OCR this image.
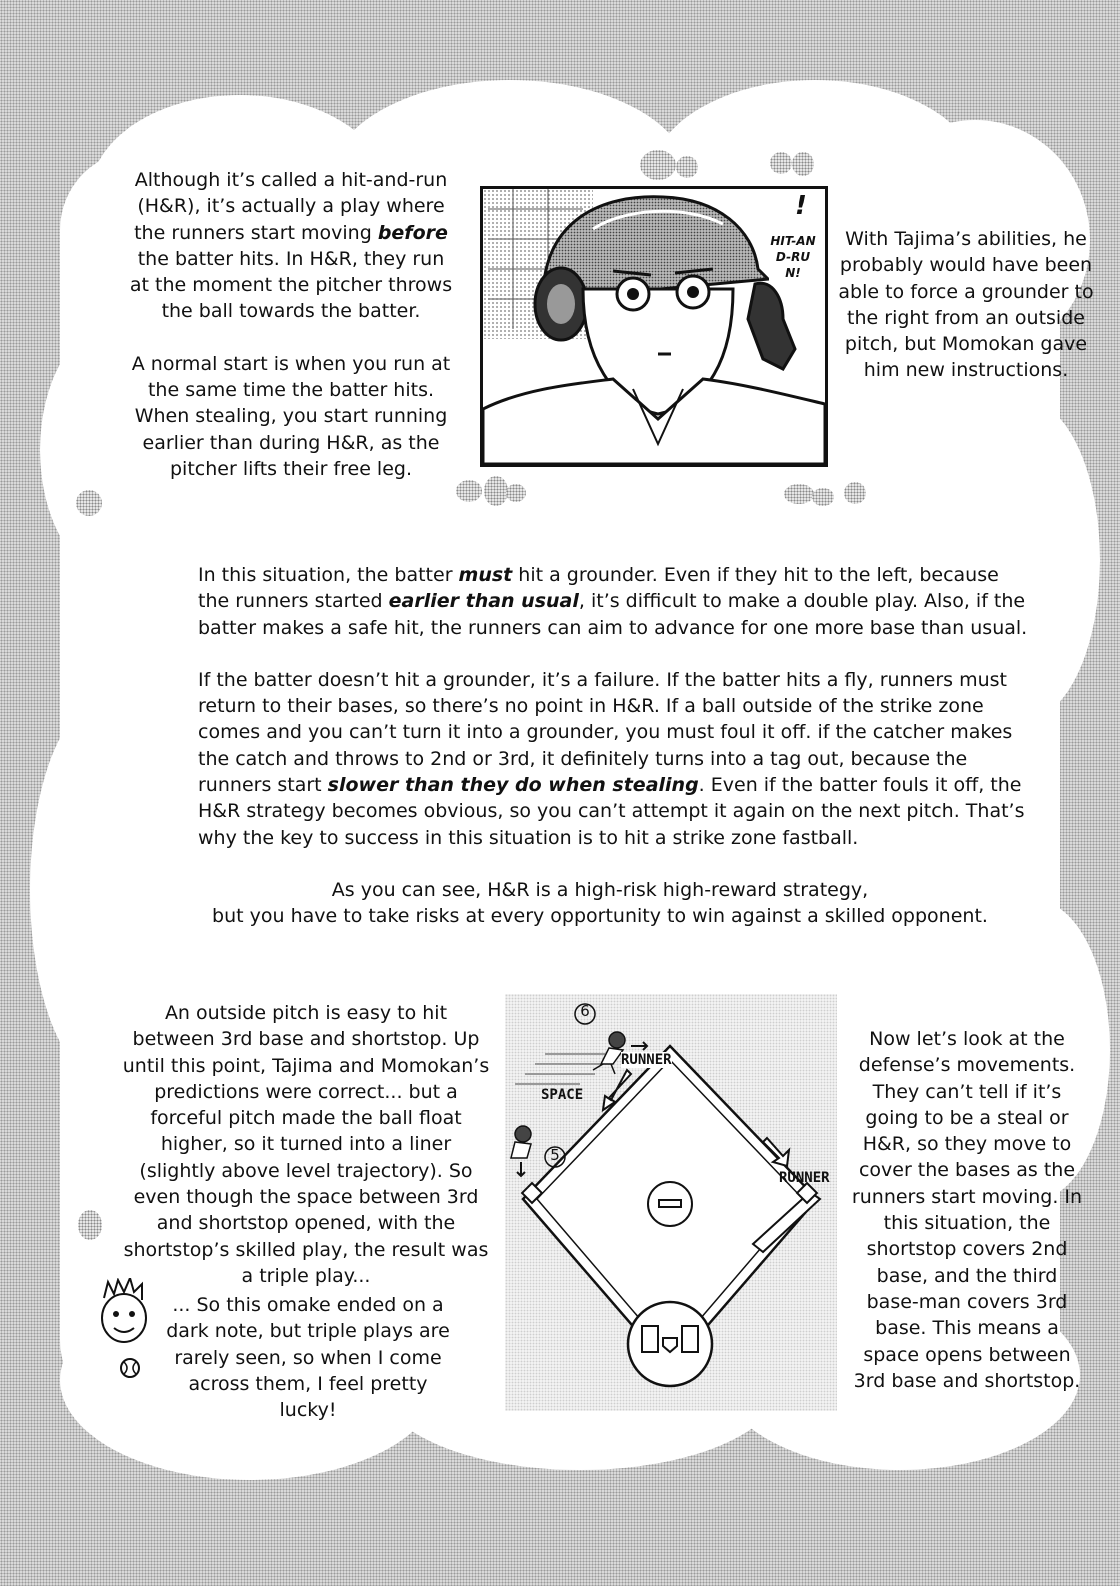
Although it’s called a hit-and-run (H&R), it’s actually a play where the runners start moving before the batter hits. In H&R, they run at the moment the pitcher throws the ball towards the batter.

A normal start is when you run at the same time the batter hits. When stealing, you start running earlier than during H&R, as the pitcher lifts their free leg.

!
HIT-AND-RUN!
With Tajima’s abilities, he probably would have been able to force a grounder to the right from an outside pitch, but Momokan gave him new instructions.

In this situation, the batter must hit a grounder. Even if they hit to the left, because the runners started earlier than usual, it’s difficult to make a double play. Also, if the batter makes a safe hit, the runners can aim to advance for one more base than usual.

If the batter doesn’t hit a grounder, it’s a failure. If the batter hits a fly, runners must return to their bases, so there’s no point in H&R. If a ball outside of the strike zone comes and you can’t turn it into a grounder, you must foul it off. if the catcher makes the catch and throws to 2nd or 3rd, it definitely turns into a tag out, because the runners start slower than they do when stealing. Even if the batter fouls it off, the H&R strategy becomes obvious, so you can’t attempt it again on the next pitch. That’s why the key to success in this situation is to hit a strike zone fastball.

As you can see, H&R is a high-risk high-reward strategy,
but you have to take risks at every opportunity to win against a skilled opponent.

An outside pitch is easy to hit between 3rd base and shortstop. Up until this point, Tajima and Momokan’s predictions were correct... but a forceful pitch made the ball float higher, so it turned into a liner (slightly above level trajectory). So even though the space between 3rd and shortstop opened, with the shortstop’s skilled play, the result was a triple play...

... So this omake ended on a dark note, but triple plays are rarely seen, so when I come across them, I feel pretty lucky!
6
5
RUNNER
RUNNER
SPACE
Now let’s look at the defense’s movements. They can’t tell if it’s going to be a steal or H&R, so they move to cover the bases as the runners start moving. In this situation, the shortstop covers 2nd base, and the third base-man covers 3rd base. This means a space opens between 3rd base and shortstop.
